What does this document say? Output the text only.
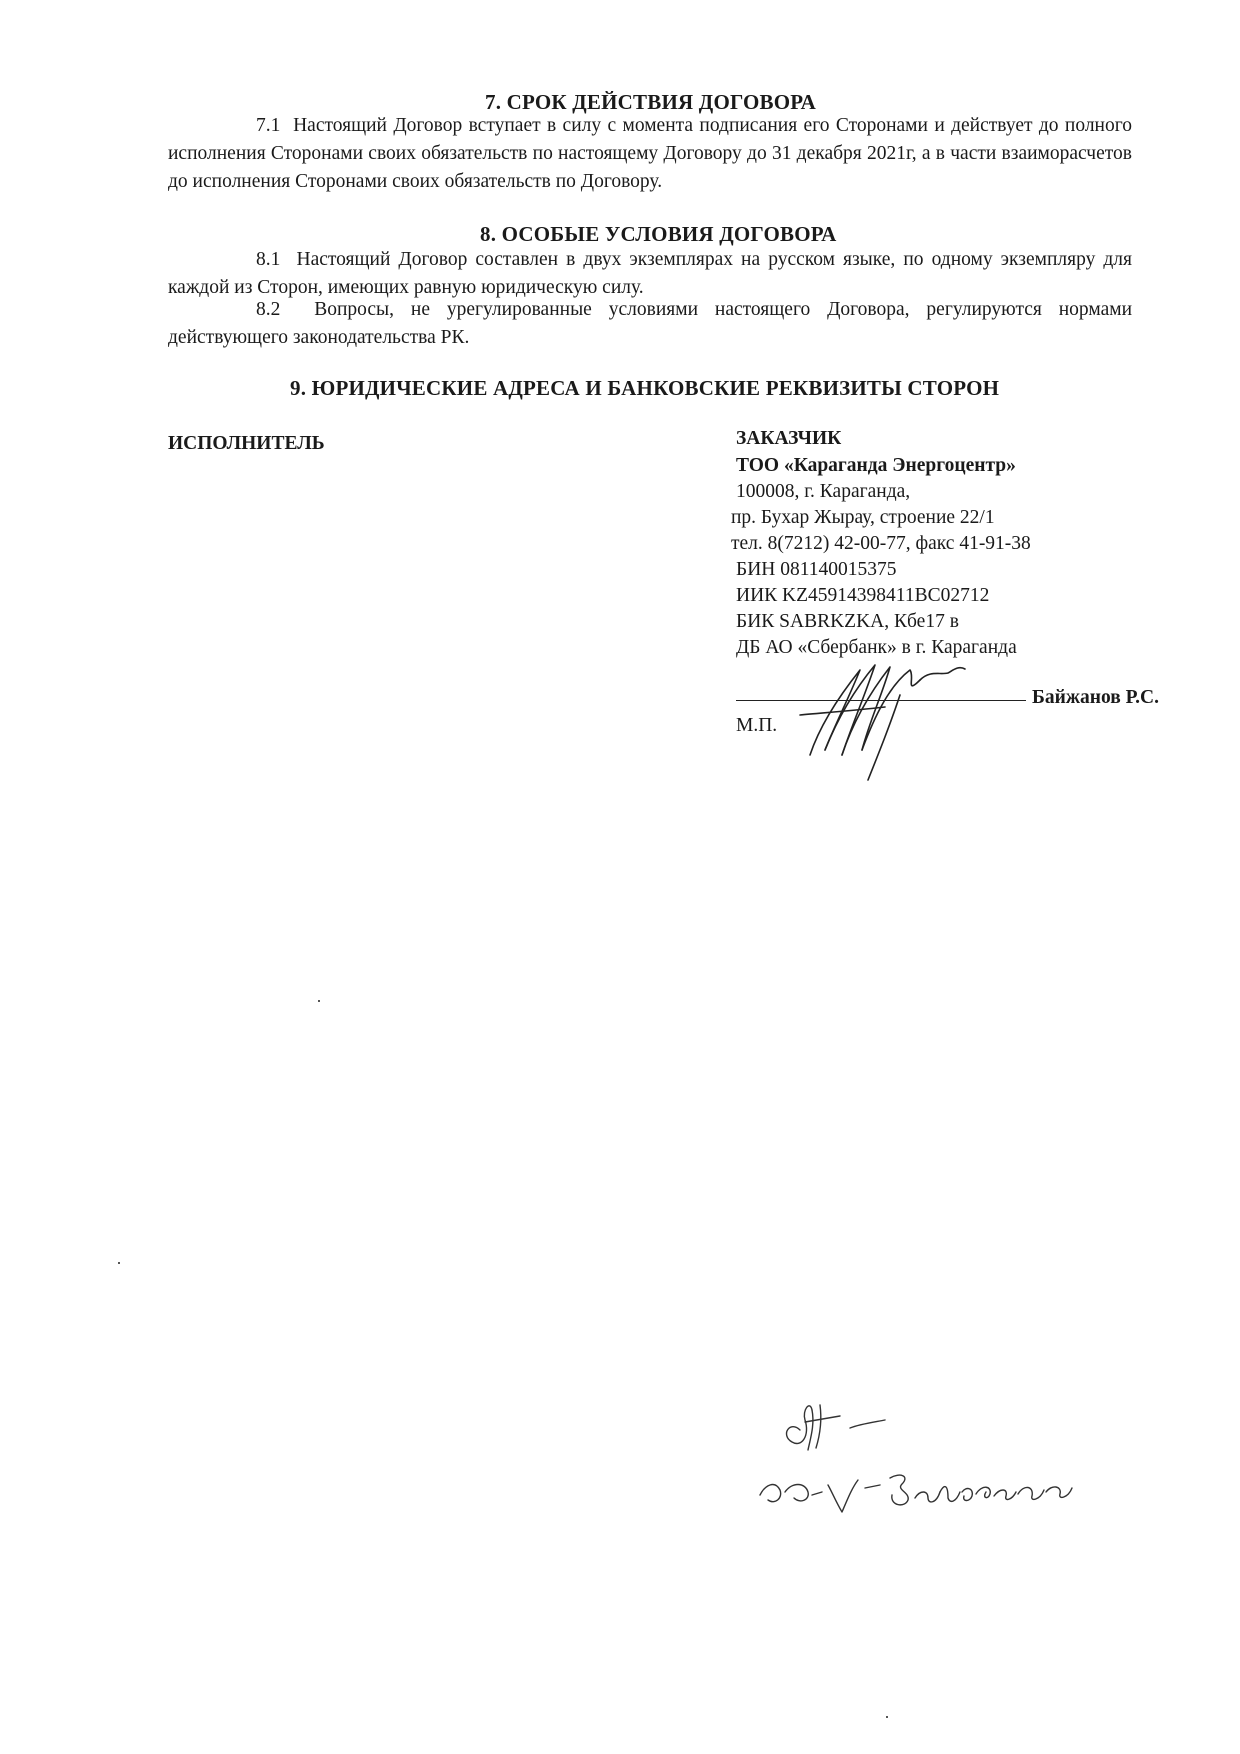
7. СРОК ДЕЙСТВИЯ ДОГОВОРА
7.1 Настоящий Договор вступает в силу с момента подписания его Сторонами и действует до полного исполнения Сторонами своих обязательств по настоящему Договору до 31 декабря 2021г, а в части взаиморасчетов до исполнения Сторонами своих обязательств по Договору.
8. ОСОБЫЕ УСЛОВИЯ ДОГОВОРА
8.1 Настоящий Договор составлен в двух экземплярах на русском языке, по одному экземпляру для каждой из Сторон, имеющих равную юридическую силу.
8.2 Вопросы, не урегулированные условиями настоящего Договора, регулируются нормами действующего законодательства РК.
9. ЮРИДИЧЕСКИЕ АДРЕСА И БАНКОВСКИЕ РЕКВИЗИТЫ СТОРОН
ИСПОЛНИТЕЛЬ	ЗАКАЗЧИК
ТОО «Караганда Энергоцентр»
100008, г. Караганда,
пр. Бухар Жырау, строение 22/1
тел. 8(7212) 42-00-77, факс 41-91-38
БИН 081140015375
ИИК KZ45914398411BC02712
БИК SABRKZKA, Кбе17 в
ДБ АО «Сбербанк» в г. Караганда
Байжанов Р.С.
М.П.
